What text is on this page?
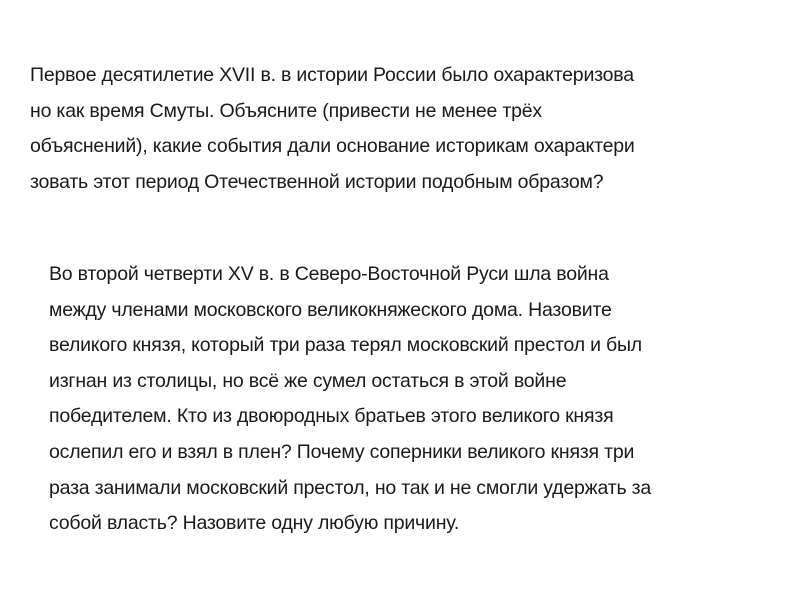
Первое десятилетие XVII в. в истории России было охарактеризова
но как время Смуты. Объясните (привести не менее трёх
объяснений), какие события дали основание историкам охарактери
зовать этот период Отечественной истории подобным образом?
Во второй четверти XV в. в Северо-Восточной Руси шла война
между членами московского великокняжеского дома. Назовите
великого князя, который три раза терял московский престол и был
изгнан из столицы, но всё же сумел остаться в этой войне
победителем. Кто из двоюродных братьев этого великого князя
ослепил его и взял в плен? Почему соперники великого князя три
раза занимали московский престол, но так и не смогли удержать за
собой власть? Назовите одну любую причину.
